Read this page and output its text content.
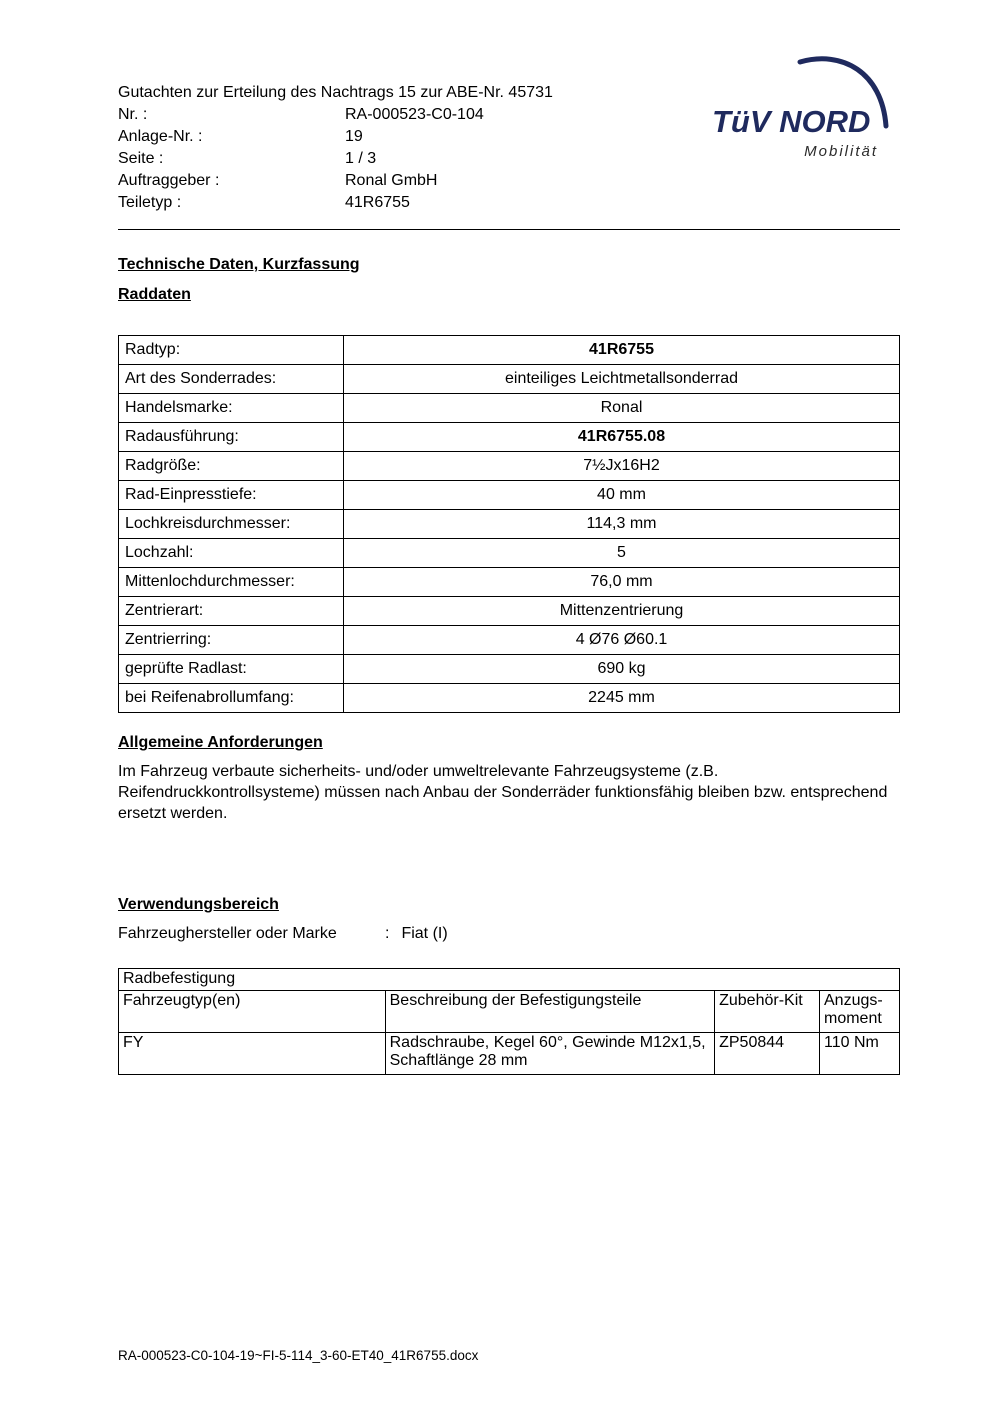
Gutachten zur Erteilung des Nachtrags 15 zur ABE-Nr. 45731
Nr. :	RA-000523-C0-104
Anlage-Nr. :	19
Seite :	1 / 3
Auftraggeber :	Ronal GmbH
Teiletyp :	41R6755
TüV NORD
Mobilität
Technische Daten, Kurzfassung
Raddaten
Radtyp:	41R6755
Art des Sonderrades:	einteiliges Leichtmetallsonderrad
Handelsmarke:	Ronal
Radausführung:	41R6755.08
Radgröße:	7½Jx16H2
Rad-Einpresstiefe:	40 mm
Lochkreisdurchmesser:	114,3 mm
Lochzahl:	5
Mittenlochdurchmesser:	76,0 mm
Zentrierart:	Mittenzentrierung
Zentrierring:	4 Ø76 Ø60.1
geprüfte Radlast:	690 kg
bei Reifenabrollumfang:	2245 mm
Allgemeine Anforderungen
Im Fahrzeug verbaute sicherheits- und/oder umweltrelevante Fahrzeugsysteme (z.B. Reifendruckkontrollsysteme) müssen nach Anbau der Sonderräder funktionsfähig bleiben bzw. entsprechend ersetzt werden.
Verwendungsbereich
Fahrzeughersteller oder Marke	: Fiat (I)
Radbefestigung			
Fahrzeugtyp(en)	Beschreibung der Befestigungsteile	Zubehör-Kit	Anzugs-moment
FY	Radschraube, Kegel 60°, Gewinde M12x1,5, Schaftlänge 28 mm	ZP50844	110 Nm
RA-000523-C0-104-19~FI-5-114_3-60-ET40_41R6755.docx
